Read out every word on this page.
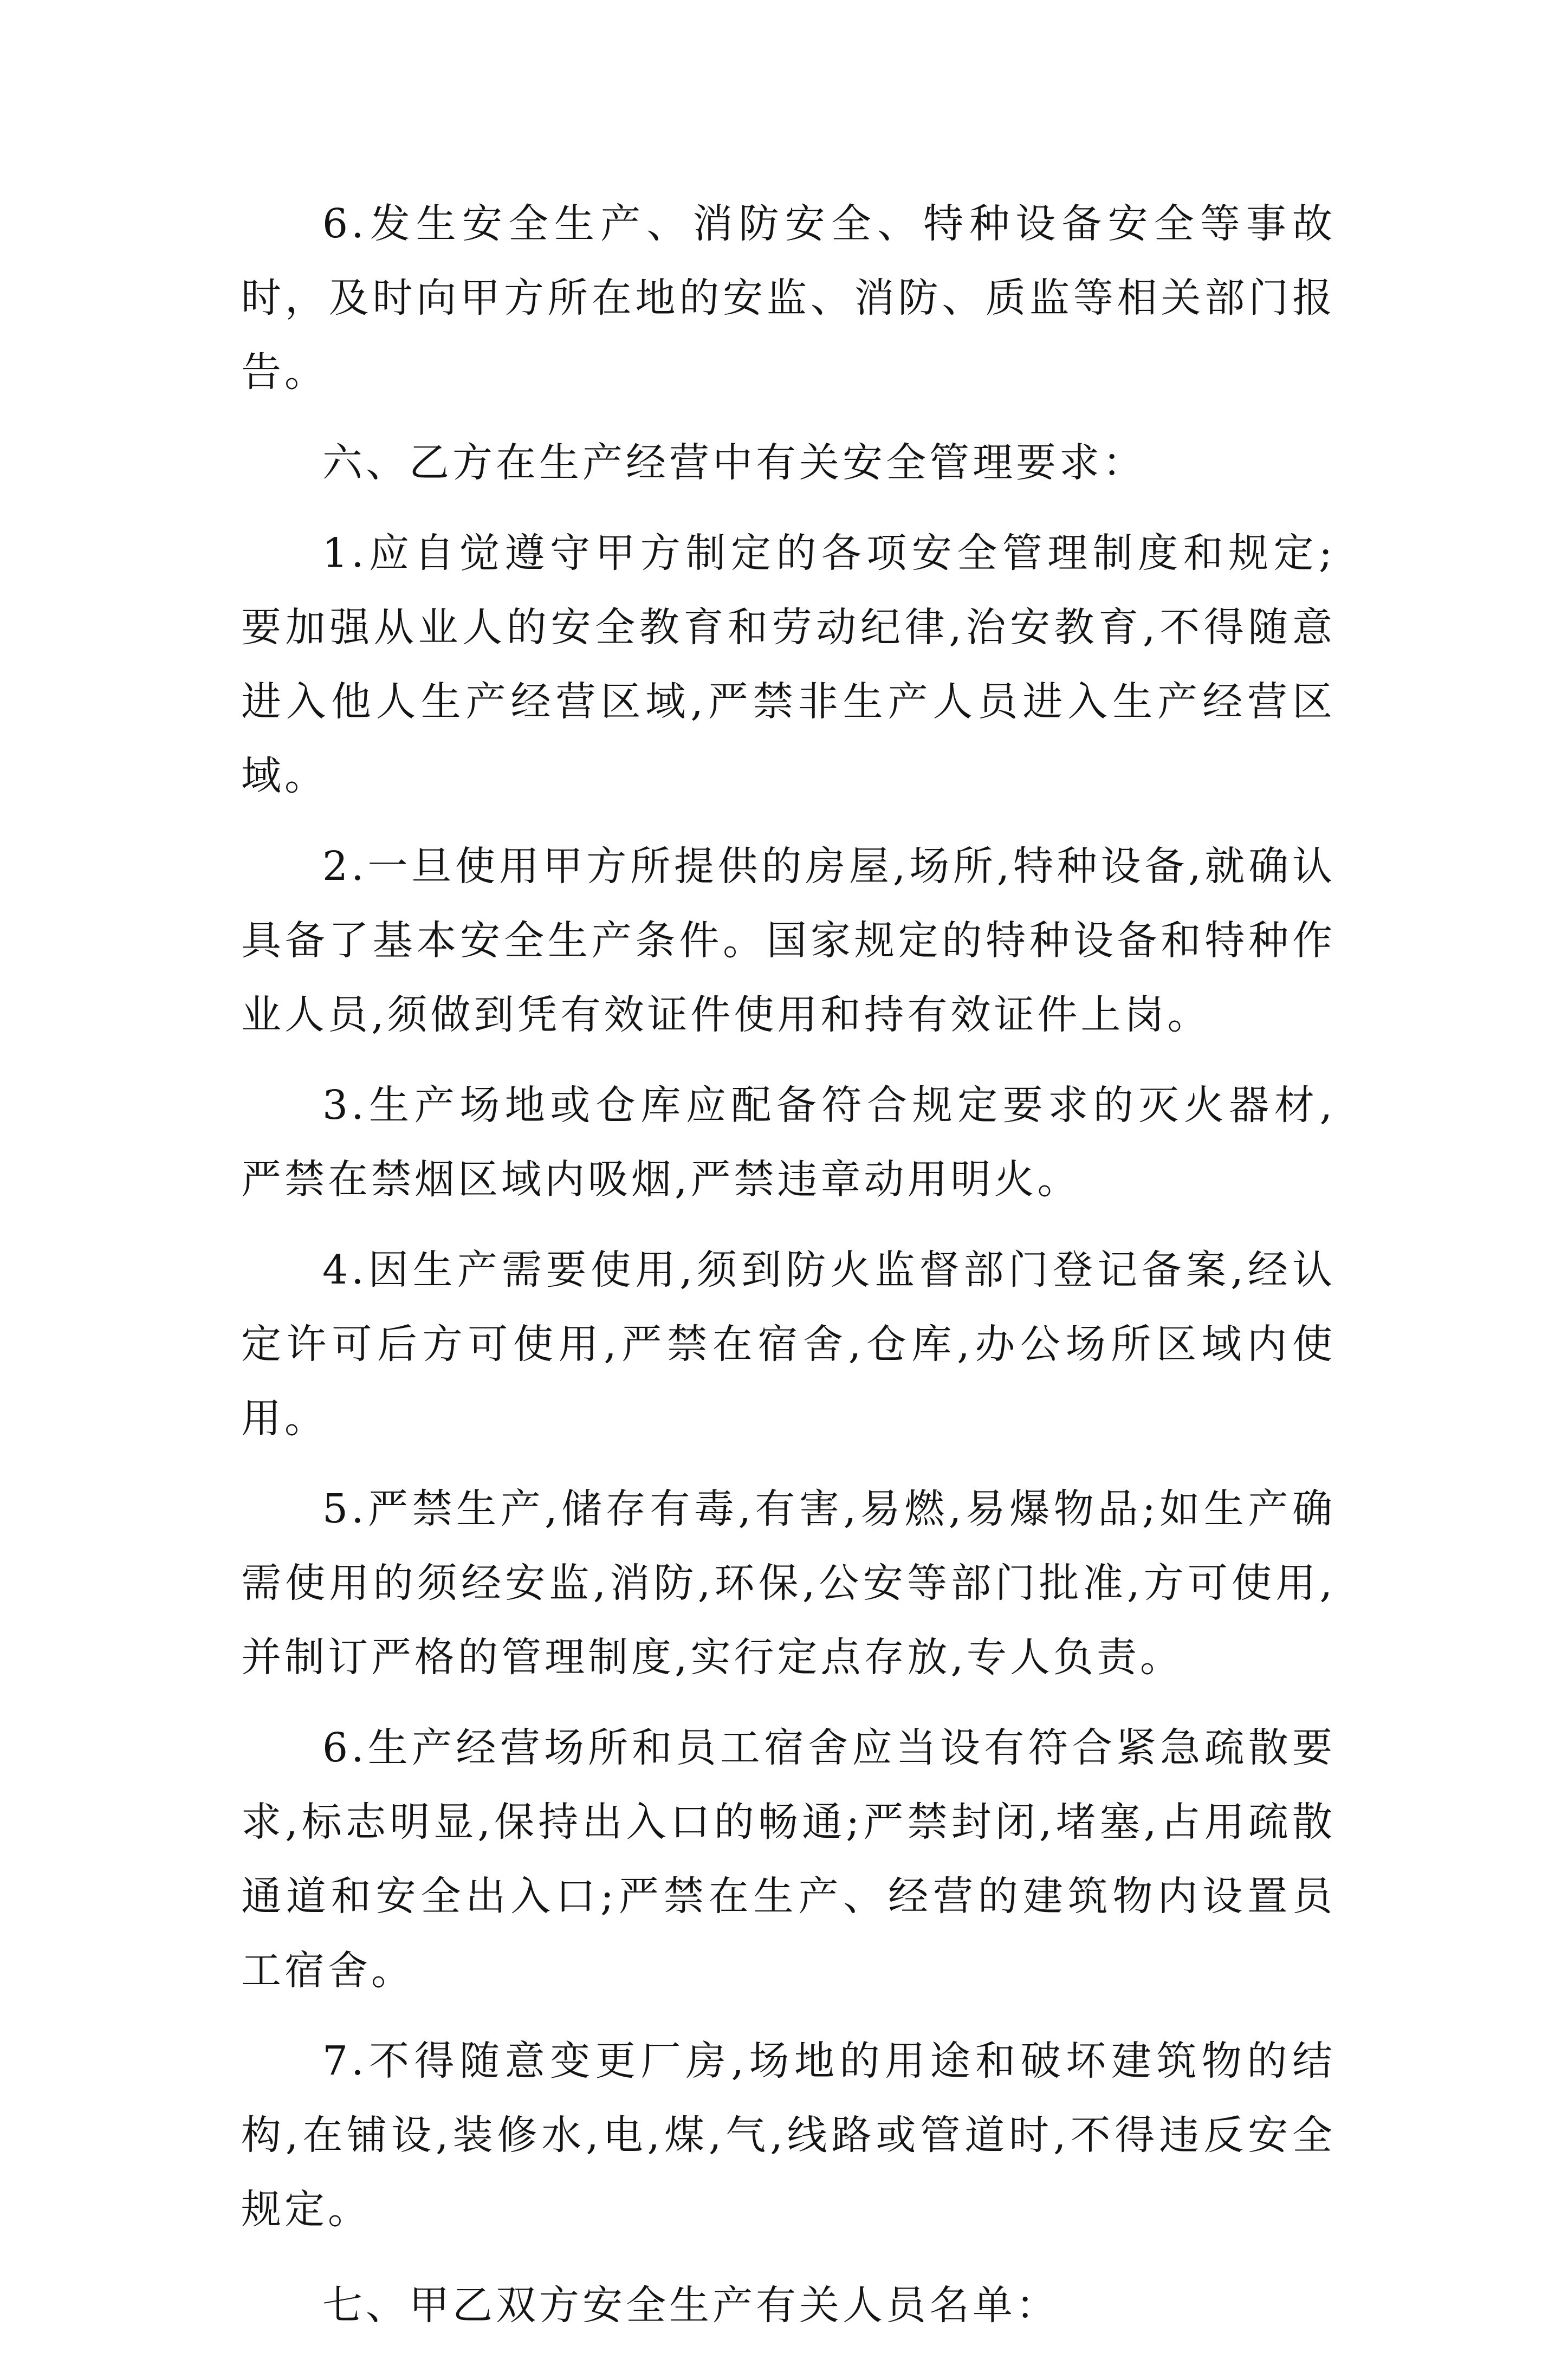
6.发生安全生产、消防安全、特种设备安全等事故时，及时向甲方所在地的安监、消防、质监等相关部门报告。

六、乙方在生产经营中有关安全管理要求：

1.应自觉遵守甲方制定的各项安全管理制度和规定;要加强从业人的安全教育和劳动纪律,治安教育,不得随意进入他人生产经营区域,严禁非生产人员进入生产经营区域。

2.一旦使用甲方所提供的房屋,场所,特种设备,就确认具备了基本安全生产条件。国家规定的特种设备和特种作业人员,须做到凭有效证件使用和持有效证件上岗。

3.生产场地或仓库应配备符合规定要求的灭火器材,严禁在禁烟区域内吸烟,严禁违章动用明火。

4.因生产需要使用,须到防火监督部门登记备案,经认定许可后方可使用,严禁在宿舍,仓库,办公场所区域内使用。

5.严禁生产,储存有毒,有害,易燃,易爆物品;如生产确需使用的须经安监,消防,环保,公安等部门批准,方可使用,并制订严格的管理制度,实行定点存放,专人负责。

6.生产经营场所和员工宿舍应当设有符合紧急疏散要求,标志明显,保持出入口的畅通;严禁封闭,堵塞,占用疏散通道和安全出入口;严禁在生产、经营的建筑物内设置员工宿舍。

7.不得随意变更厂房,场地的用途和破坏建筑物的结构,在铺设,装修水,电,煤,气,线路或管道时,不得违反安全规定。

七、甲乙双方安全生产有关人员名单：
